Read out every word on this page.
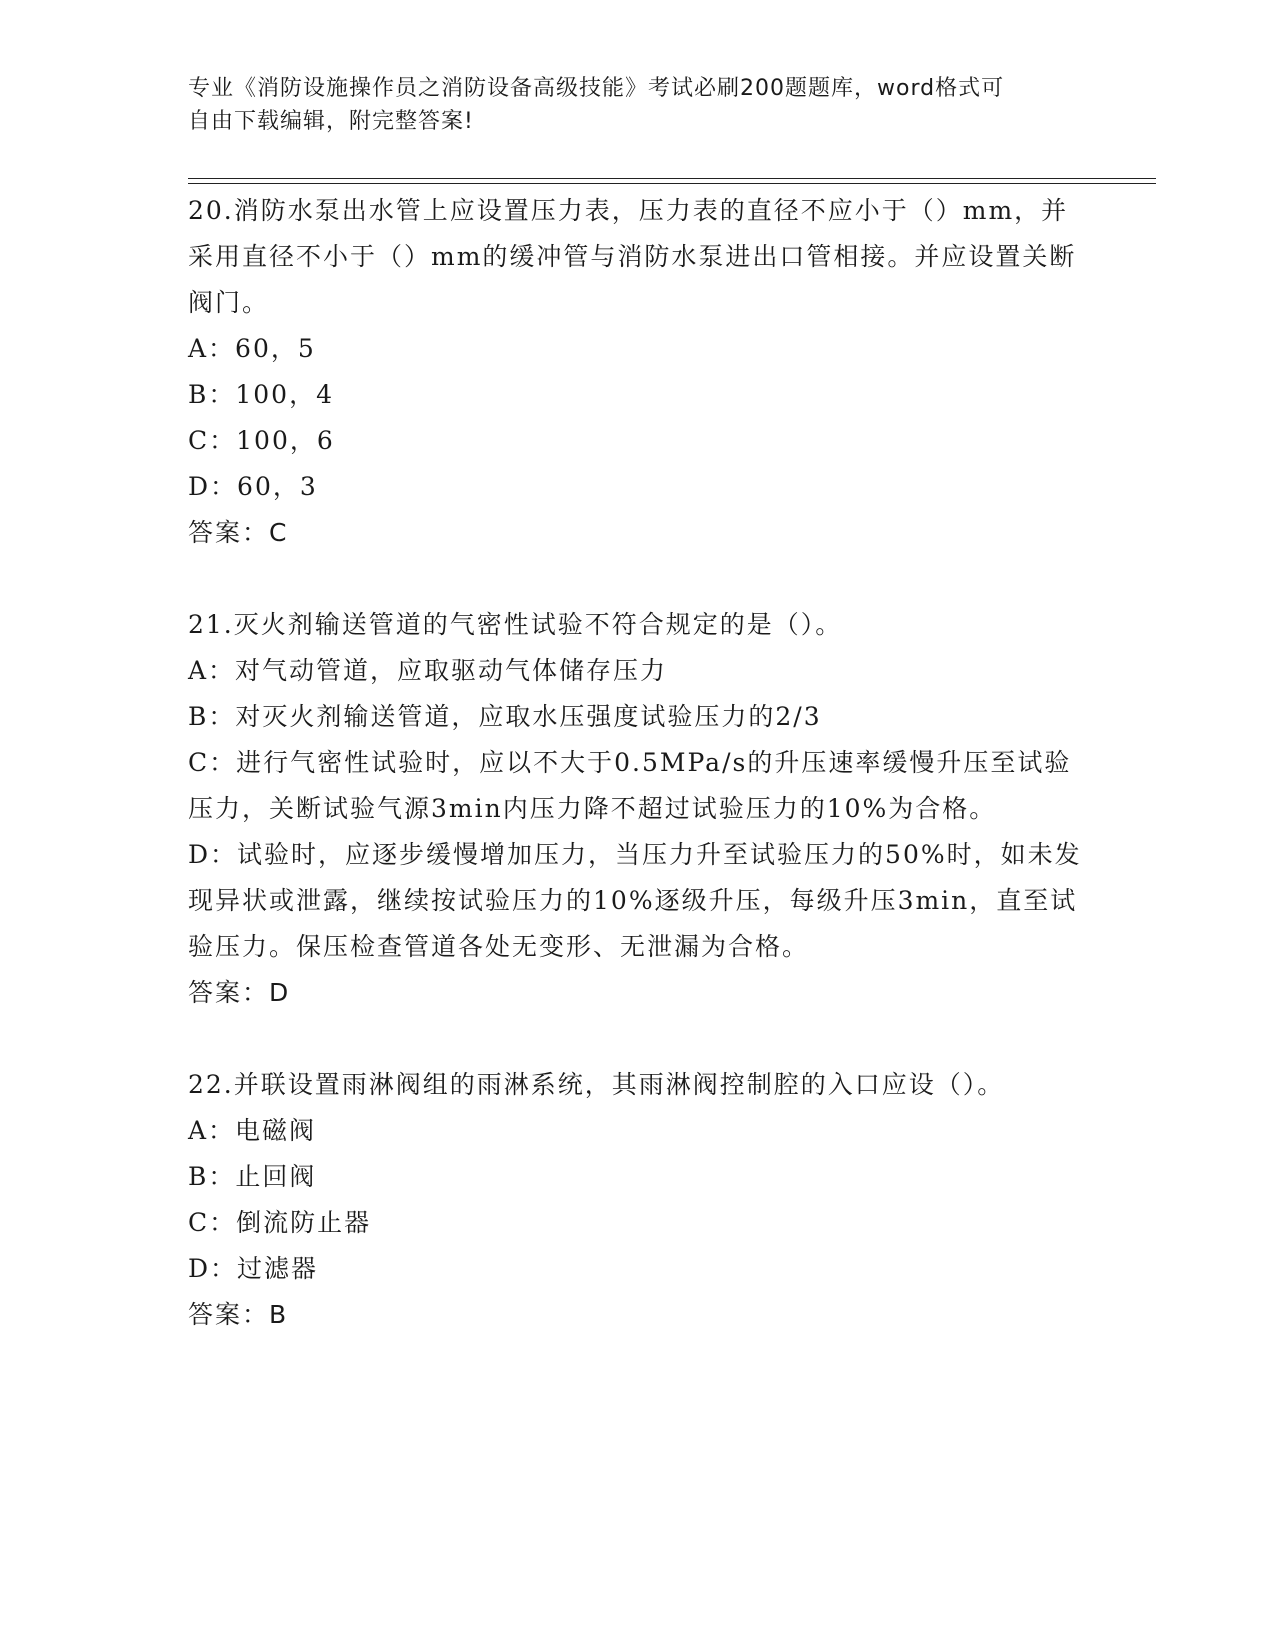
专业《消防设施操作员之消防设备高级技能》考试必刷200题题库，word格式可
自由下载编辑，附完整答案!

20.消防水泵出水管上应设置压力表，压力表的直径不应小于（）mm，并采用直径不小于（）mm的缓冲管与消防水泵进出口管相接。并应设置关断阀门。

A：60，5

B：100，4

C：100，6

D：60，3

答案：C

21.灭火剂输送管道的气密性试验不符合规定的是（）。

A：对气动管道，应取驱动气体储存压力

B：对灭火剂输送管道，应取水压强度试验压力的2/3

C：进行气密性试验时，应以不大于0.5MPa/s的升压速率缓慢升压至试验压力，关断试验气源3min内压力降不超过试验压力的10%为合格。

D：试验时，应逐步缓慢增加压力，当压力升至试验压力的50%时，如未发现异状或泄露，继续按试验压力的10%逐级升压，每级升压3min，直至试验压力。保压检查管道各处无变形、无泄漏为合格。

答案：D

22.并联设置雨淋阀组的雨淋系统，其雨淋阀控制腔的入口应设（）。

A：电磁阀

B：止回阀

C：倒流防止器

D：过滤器

答案：B
